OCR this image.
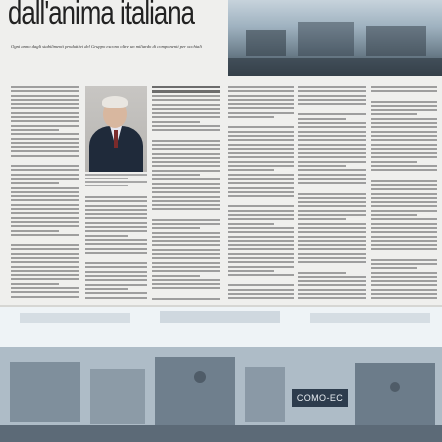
dall'anima italiana
Ogni anno dagli stabilimenti produttivi del Gruppo escono oltre un miliardo di componenti per occhiali
COMO-EC
